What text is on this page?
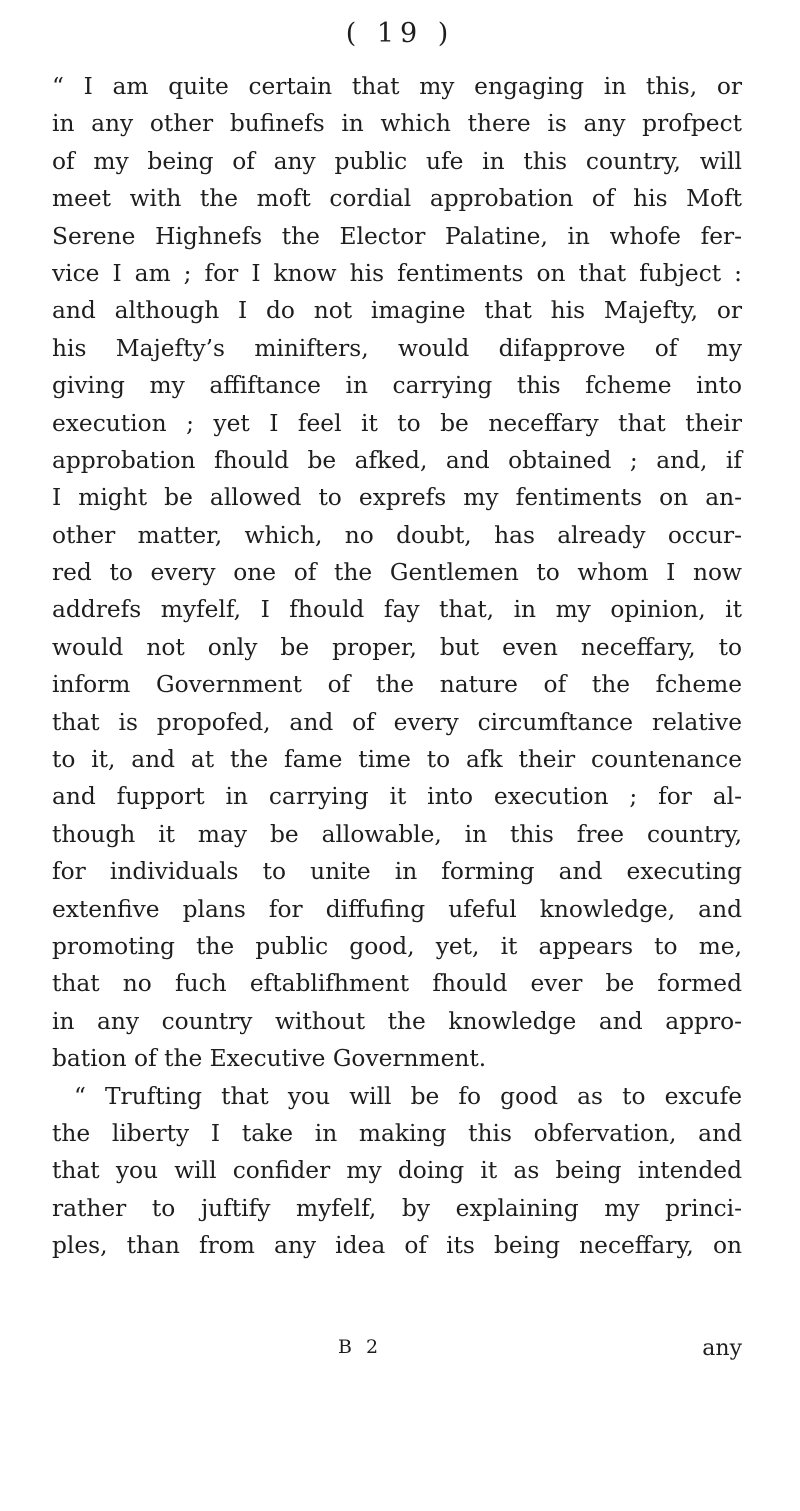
( 19 )
“ I am quite certain that my engaging in this, or
in any other bufinefs in which there is any profpect
of my being of any public ufe in this country, will
meet with the moft cordial approbation of his Moft
Serene Highnefs the Elector Palatine, in whofe fer-
vice I am ; for I know his fentiments on that fubject :
and although I do not imagine that his Majefty, or
his Majefty’s minifters, would difapprove of my
giving my affiftance in carrying this fcheme into
execution ; yet I feel it to be neceffary that their
approbation fhould be afked, and obtained ; and, if
I might be allowed to exprefs my fentiments on an-
other matter, which, no doubt, has already occur-
red to every one of the Gentlemen to whom I now
addrefs myfelf, I fhould fay that, in my opinion, it
would not only be proper, but even neceffary, to
inform Government of the nature of the fcheme
that is propofed, and of every circumftance relative
to it, and at the fame time to afk their countenance
and fupport in carrying it into execution ; for al-
though it may be allowable, in this free country,
for individuals to unite in forming and executing
extenfive plans for diffufing ufeful knowledge, and
promoting the public good, yet, it appears to me,
that no fuch eftablifhment fhould ever be formed
in any country without the knowledge and appro-
bation of the Executive Government.
“ Trufting that you will be fo good as to excufe
the liberty I take in making this obfervation, and
that you will confider my doing it as being intended
rather to juftify myfelf, by explaining my princi-
ples, than from any idea of its being neceffary, on
B 2	any
